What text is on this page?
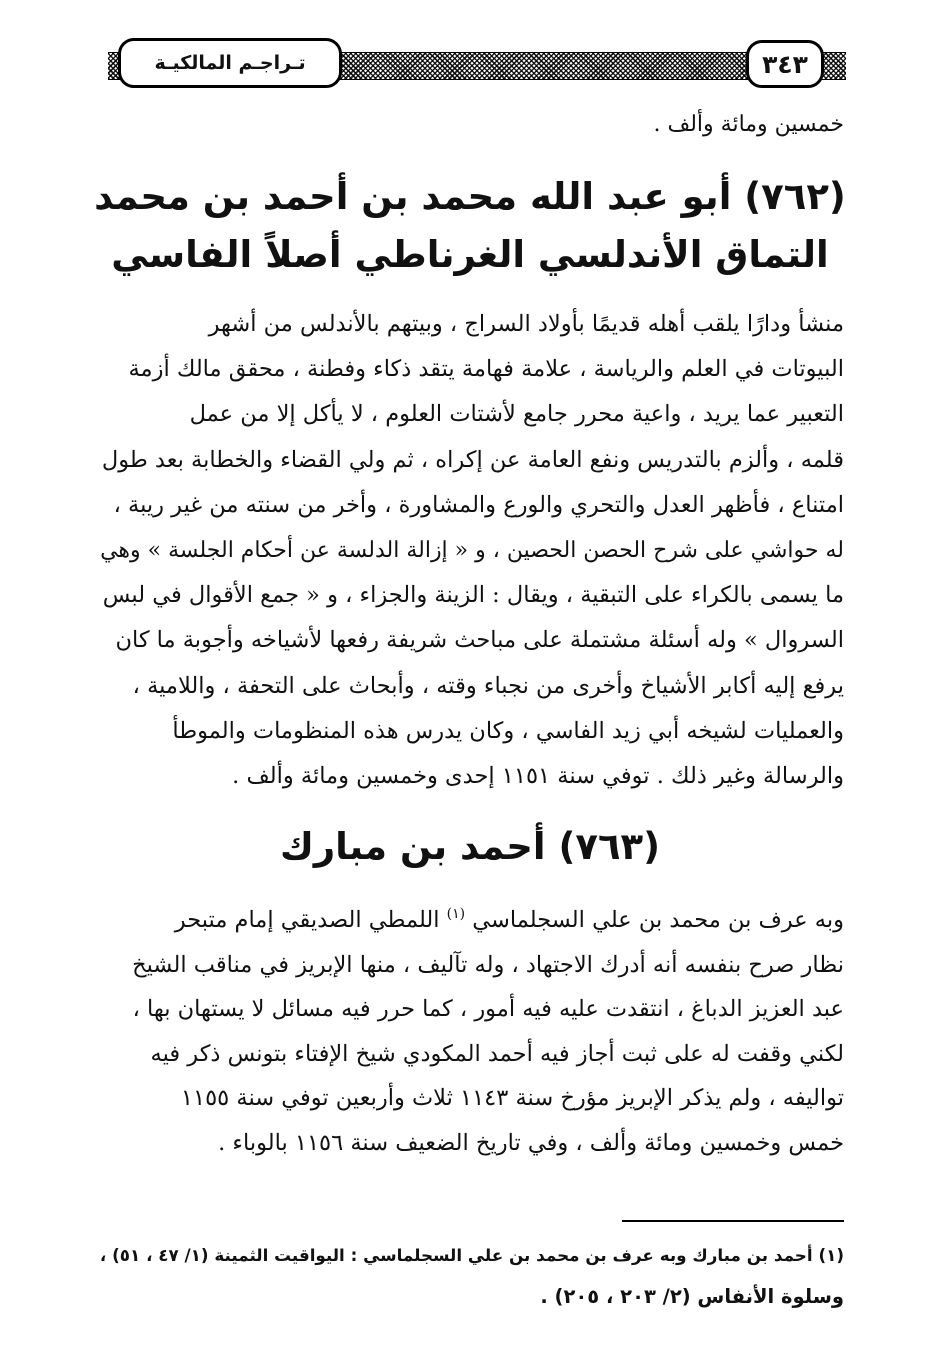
تـراجـم المالكيـة	٣٤٣
خمسين ومائة وألف .
(٧٦٢) أبو عبد الله محمد بن أحمد بن محمد
التماق الأندلسي الغرناطي أصلاً الفاسي

منشأ ودارًا يلقب أهله قديمًا بأولاد السراج ، وبيتهم بالأندلس من أشهر

البيوتات في العلم والرياسة ، علامة فهامة يتقد ذكاء وفطنة ، محقق مالك أزمة

التعبير عما يريد ، واعية محرر جامع لأشتات العلوم ، لا يأكل إلا من عمل

قلمه ، وألزم بالتدريس ونفع العامة عن إكراه ، ثم ولي القضاء والخطابة بعد طول

امتناع ، فأظهر العدل والتحري والورع والمشاورة ، وأخر من سنته من غير ريبة ،

له حواشي على شرح الحصن الحصين ، و « إزالة الدلسة عن أحكام الجلسة » وهي

ما يسمى بالكراء على التبقية ، ويقال : الزينة والجزاء ، و « جمع الأقوال في لبس

السروال » وله أسئلة مشتملة على مباحث شريفة رفعها لأشياخه وأجوبة ما كان

يرفع إليه أكابر الأشياخ وأخرى من نجباء وقته ، وأبحاث على التحفة ، واللامية ،

والعمليات لشيخه أبي زيد الفاسي ، وكان يدرس هذه المنظومات والموطأ

والرسالة وغير ذلك . توفي سنة ١١٥١ إحدى وخمسين ومائة وألف .

(٧٦٣) أحمد بن مبارك

وبه عرف بن محمد بن علي السجلماسي $^{(١)}$ اللمطي الصديقي إمام متبحر

نظار صرح بنفسه أنه أدرك الاجتهاد ، وله تآليف ، منها الإبريز في مناقب الشيخ

عبد العزيز الدباغ ، انتقدت عليه فيه أمور ، كما حرر فيه مسائل لا يستهان بها ،

لكني وقفت له على ثبت أجاز فيه أحمد المكودي شيخ الإفتاء بتونس ذكر فيه

تواليفه ، ولم يذكر الإبريز مؤرخ سنة ١١٤٣ ثلاث وأربعين توفي سنة ١١٥٥

خمس وخمسين ومائة وألف ، وفي تاريخ الضعيف سنة ١١٥٦ بالوباء .

(١) أحمد بن مبارك وبه عرف بن محمد بن علي السجلماسي : اليواقيت الثمينة (١/ ٤٧ ، ٥١) ،

وسلوة الأنفاس (٢/ ٢٠٣ ، ٢٠٥) .
